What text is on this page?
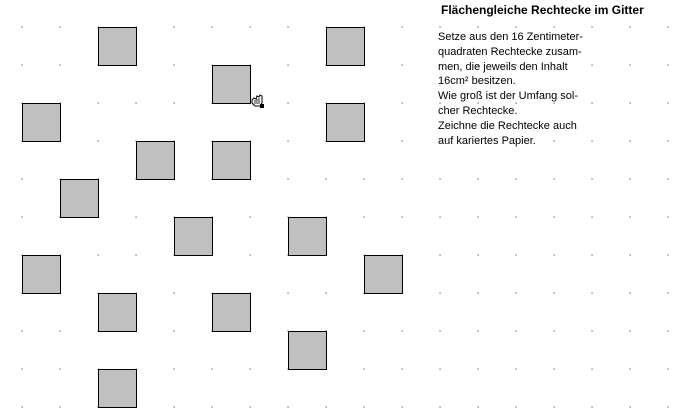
Flächengleiche Rechtecke im Gitter
Setze aus den 16 Zentimeter-
quadraten Rechtecke zusam-
men, die jeweils den Inhalt
16cm² besitzen.
Wie groß ist der Umfang sol-
cher Rechtecke.
Zeichne die Rechtecke auch
auf kariertes Papier.
